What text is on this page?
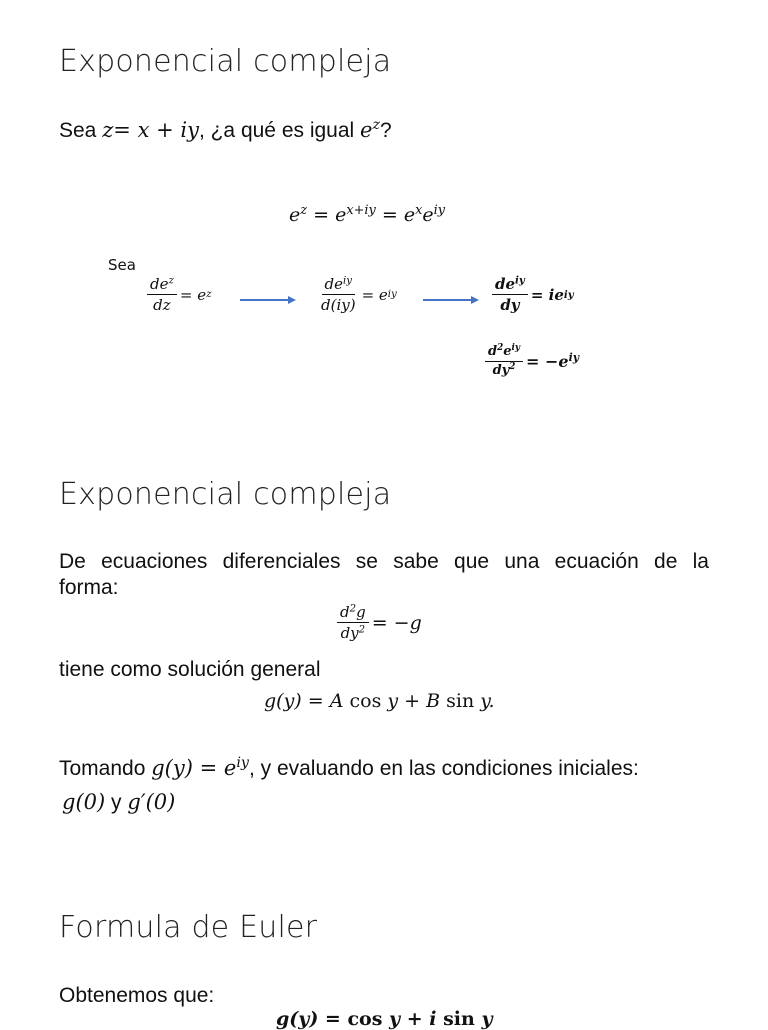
Exponencial compleja
Sea z= x + iy, ¿a qué es igual $e^z$?
$e^z = e^{x+iy} = e^xe^{iy}$
Sea
$\frac{de^z}{dz} = e$ z	$\frac{de^{iy}}{d(iy)} = e$ iy	$\frac{de^{iy}}{dy}$ = ie iy
$\frac{d^2e^{iy}}{dy^2} = -e^{iy}$
Exponencial compleja
De ecuaciones diferenciales se sabe que una ecuación de la
forma:
$\frac{d^2g}{dy^2} = -g$
tiene como solución general
g(y) = A cos y + B sin y.
Tomando $g(y) = e^{iy}$, y evaluando en las condiciones iniciales:
g(0) y g′(0)
Formula de Euler
Obtenemos que:
g(y) = cos y + i sin y
